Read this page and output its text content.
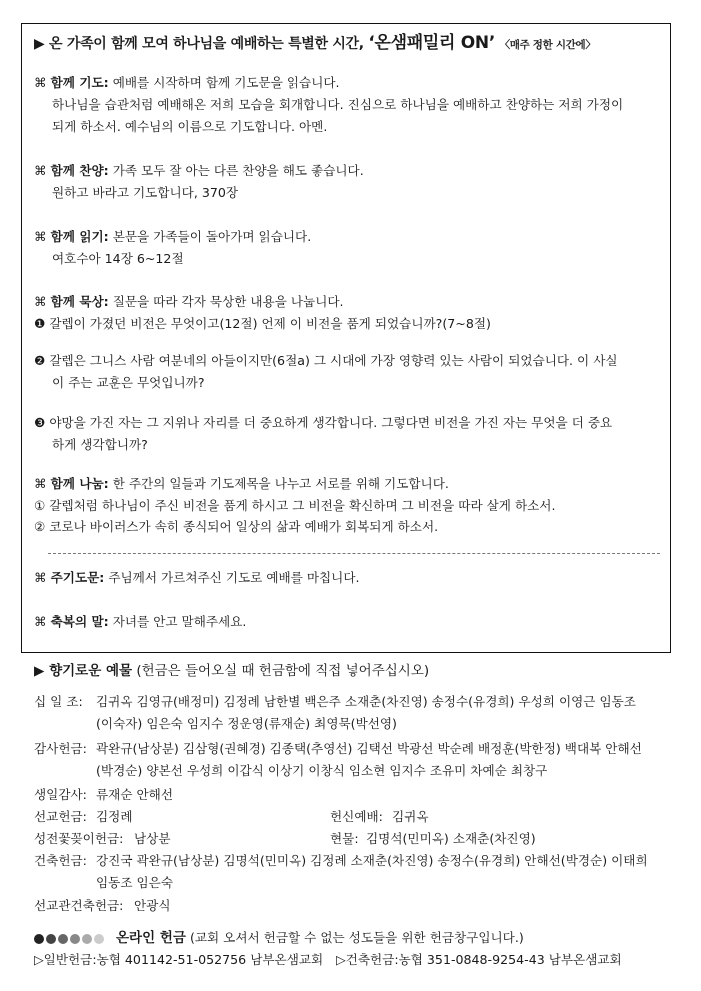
▶ 온 가족이 함께 모여 하나님을 예배하는 특별한 시간, ‘온샘패밀리 ON’ 〈매주 정한 시간에〉
⌘ 함께 기도: 예배를 시작하며 함께 기도문을 읽습니다.
하나님을 습관처럼 예배해온 저희 모습을 회개합니다. 진심으로 하나님을 예배하고 찬양하는 저희 가정이
되게 하소서. 예수님의 이름으로 기도합니다. 아멘.
⌘ 함께 찬양: 가족 모두 잘 아는 다른 찬양을 해도 좋습니다.
원하고 바라고 기도합니다, 370장
⌘ 함께 읽기: 본문을 가족들이 돌아가며 읽습니다.
여호수아 14장 6~12절
⌘ 함께 묵상: 질문을 따라 각자 묵상한 내용을 나눕니다.
❶ 갈렙이 가졌던 비전은 무엇이고(12절) 언제 이 비전을 품게 되었습니까?(7~8절)
❷ 갈렙은 그니스 사람 여분네의 아들이지만(6절a) 그 시대에 가장 영향력 있는 사람이 되었습니다. 이 사실
이 주는 교훈은 무엇입니까?
❸ 야망을 가진 자는 그 지위나 자리를 더 중요하게 생각합니다. 그렇다면 비전을 가진 자는 무엇을 더 중요
하게 생각합니까?
⌘ 함께 나눔: 한 주간의 일들과 기도제목을 나누고 서로를 위해 기도합니다.
① 갈렙처럼 하나님이 주신 비전을 품게 하시고 그 비전을 확신하며 그 비전을 따라 살게 하소서.
② 코로나 바이러스가 속히 종식되어 일상의 삶과 예배가 회복되게 하소서.
⌘ 주기도문: 주님께서 가르쳐주신 기도로 예배를 마칩니다.
⌘ 축복의 말: 자녀를 안고 말해주세요.
▶ 향기로운 예물 (헌금은 들어오실 때 헌금함에 직접 넣어주십시오)
십 일 조: 김귀옥 김영규(배정미) 김정례 남한별 백은주 소재춘(차진영) 송정수(유경희) 우성희 이영근 임동조
(이숙자) 임은숙 임지수 정운영(류재순) 최영묵(박선영)
감사헌금: 곽완규(남상분) 김삼형(권혜경) 김종택(추영선) 김택선 박광선 박순례 배정훈(박한정) 백대복 안해선
(박경순) 양본선 우성희 이갑식 이상기 이창식 임소현 임지수 조유미 차예순 최창구
생일감사: 류재순 안해선
선교헌금: 김정례	헌신예배: 김귀옥
성전꽃꽂이헌금: 남상분	현물: 김명석(민미옥) 소재춘(차진영)
건축헌금: 강진국 곽완규(남상분) 김명석(민미옥) 김정례 소재춘(차진영) 송정수(유경희) 안해선(박경순) 이태희
임동조 임은숙
선교관건축헌금: 안광식
온라인 헌금 (교회 오셔서 헌금할 수 없는 성도들을 위한 헌금창구입니다.)
▷일반헌금:농협 401142-51-052756 남부온샘교회 ▷건축헌금:농협 351-0848-9254-43 남부온샘교회
